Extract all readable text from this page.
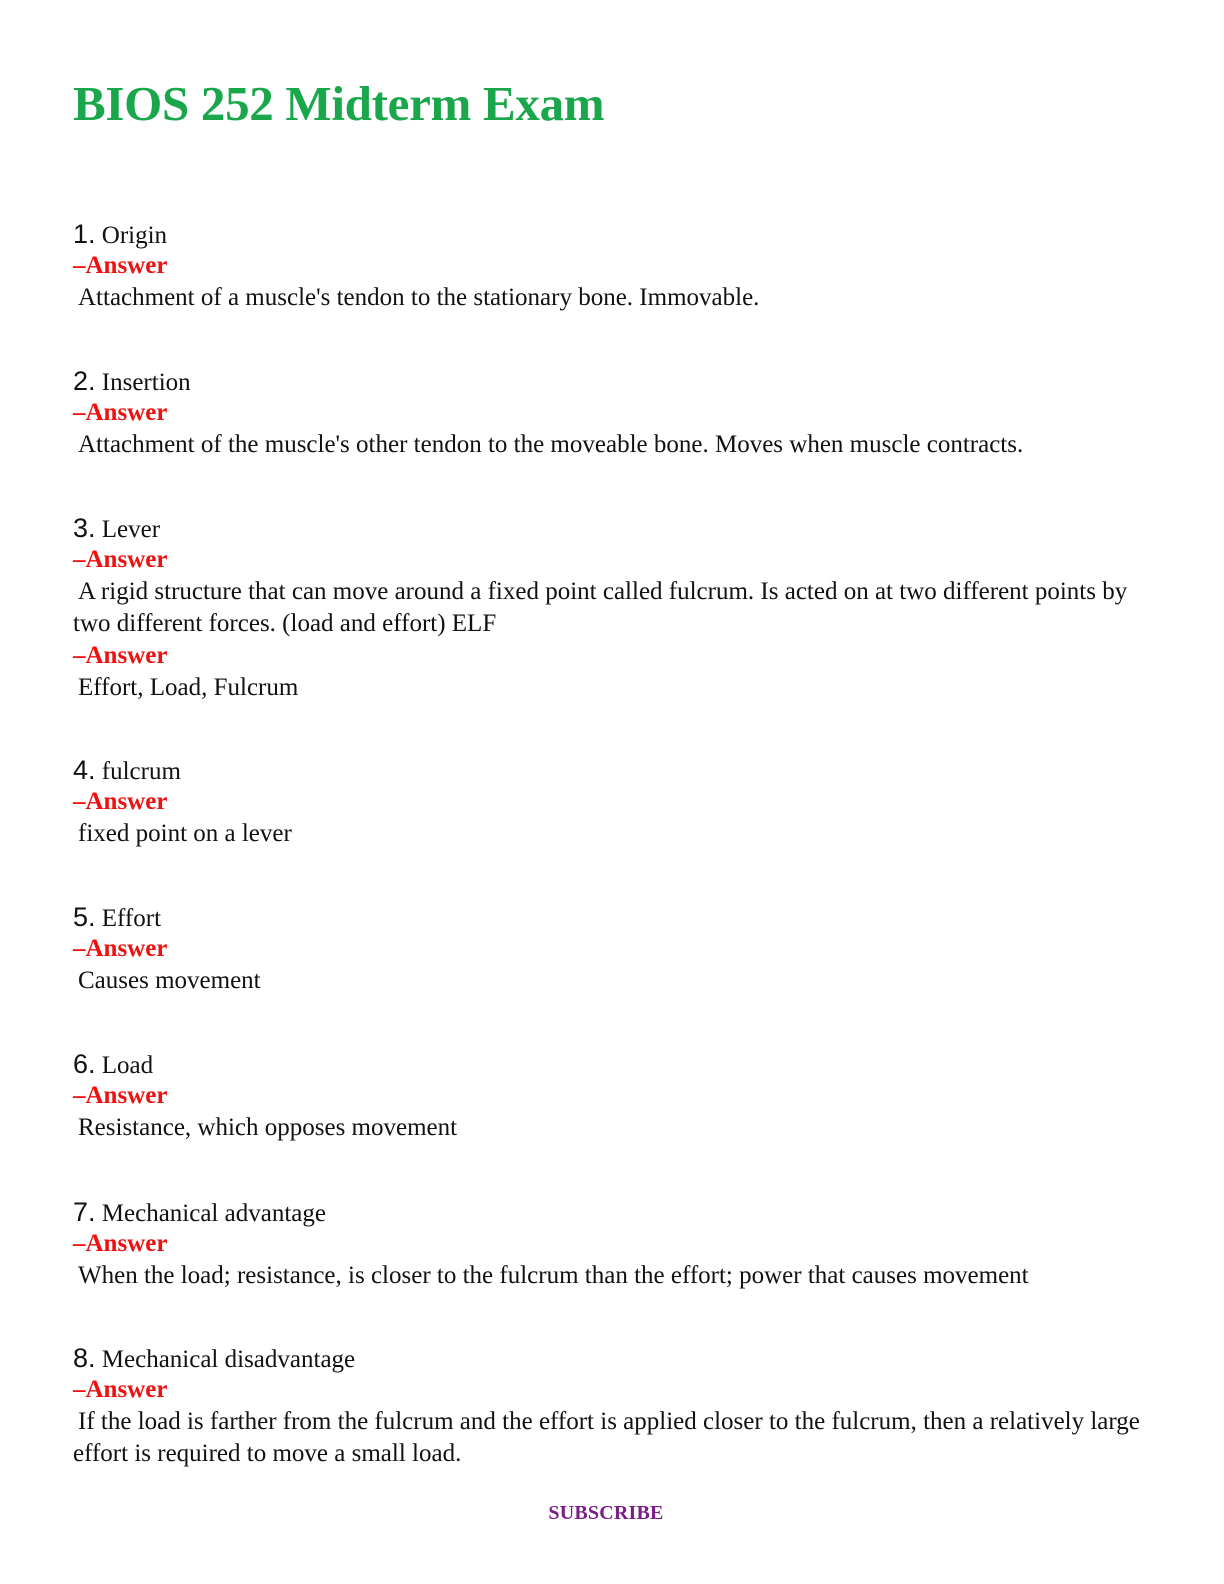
BIOS 252 Midterm Exam
1. Origin
–Answer
Attachment of a muscle's tendon to the stationary bone. Immovable.
2. Insertion
–Answer
Attachment of the muscle's other tendon to the moveable bone. Moves when muscle contracts.
3. Lever
–Answer
A rigid structure that can move around a fixed point called fulcrum. Is acted on at two different points by two different forces. (load and effort) ELF
–Answer
Effort, Load, Fulcrum
4. fulcrum
–Answer
fixed point on a lever
5. Effort
–Answer
Causes movement
6. Load
–Answer
Resistance, which opposes movement
7. Mechanical advantage
–Answer
When the load; resistance, is closer to the fulcrum than the effort; power that causes movement
8. Mechanical disadvantage
–Answer
If the load is farther from the fulcrum and the effort is applied closer to the fulcrum, then a relatively large effort is required to move a small load.
SUBSCRIBE
